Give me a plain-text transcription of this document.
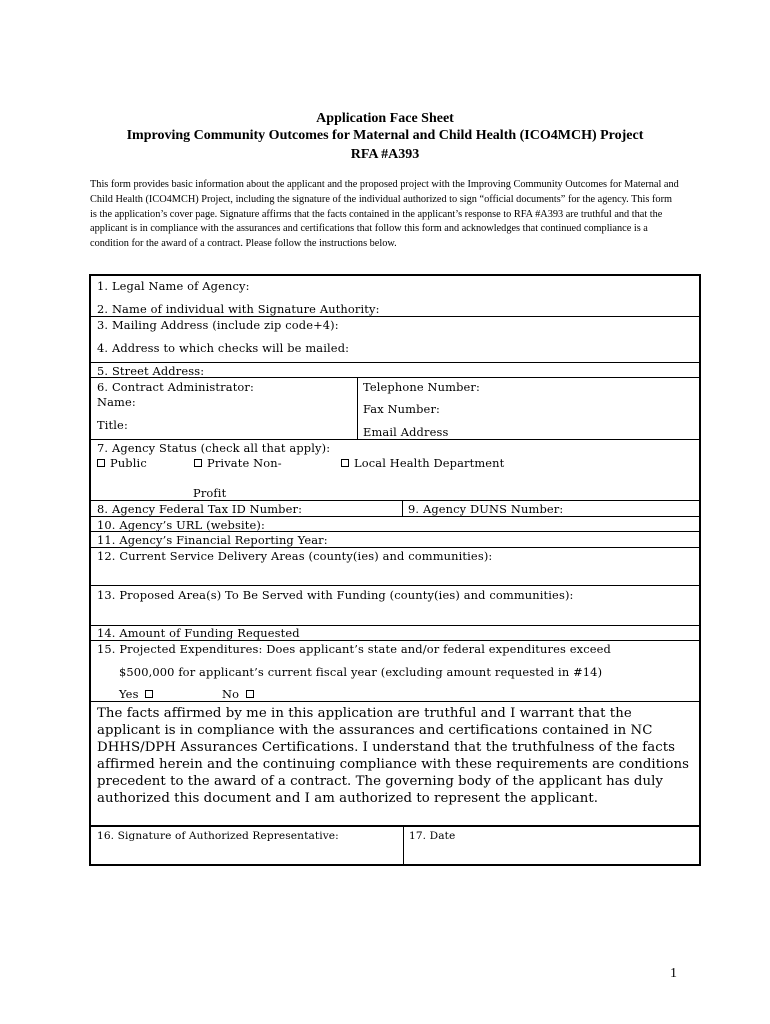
Application Face Sheet
Improving Community Outcomes for Maternal and Child Health (ICO4MCH) Project
RFA #A393
This form provides basic information about the applicant and the proposed project with the Improving Community Outcomes for Maternal and Child Health (ICO4MCH) Project, including the signature of the individual authorized to sign “official documents” for the agency. This form is the application’s cover page. Signature affirms that the facts contained in the applicant’s response to RFA #A393 are truthful and that the applicant is in compliance with the assurances and certifications that follow this form and acknowledges that continued compliance is a condition for the award of a contract. Please follow the instructions below.
1. Legal Name of Agency:
2. Name of individual with Signature Authority:
3. Mailing Address (include zip code+4):
4. Address to which checks will be mailed:
5. Street Address:
6. Contract Administrator:
Name:
Title:
Telephone Number:
Fax Number:
Email Address
7. Agency Status (check all that apply):
Public	Private Non-
Profit
Local Health Department
8. Agency Federal Tax ID Number:	9. Agency DUNS Number:
10. Agency’s URL (website):
11. Agency’s Financial Reporting Year:
12. Current Service Delivery Areas (county(ies) and communities):
13. Proposed Area(s) To Be Served with Funding (county(ies) and communities):
14. Amount of Funding Requested
15. Projected Expenditures: Does applicant’s state and/or federal expenditures exceed
$500,000 for applicant’s current fiscal year (excluding amount requested in #14)
Yes	No
The facts affirmed by me in this application are truthful and I warrant that the applicant is in compliance with the assurances and certifications contained in NC DHHS/DPH Assurances Certifications. I understand that the truthfulness of the facts affirmed herein and the continuing compliance with these requirements are conditions precedent to the award of a contract. The governing body of the applicant has duly authorized this document and I am authorized to represent the applicant.
16. Signature of Authorized Representative:	17. Date
1
